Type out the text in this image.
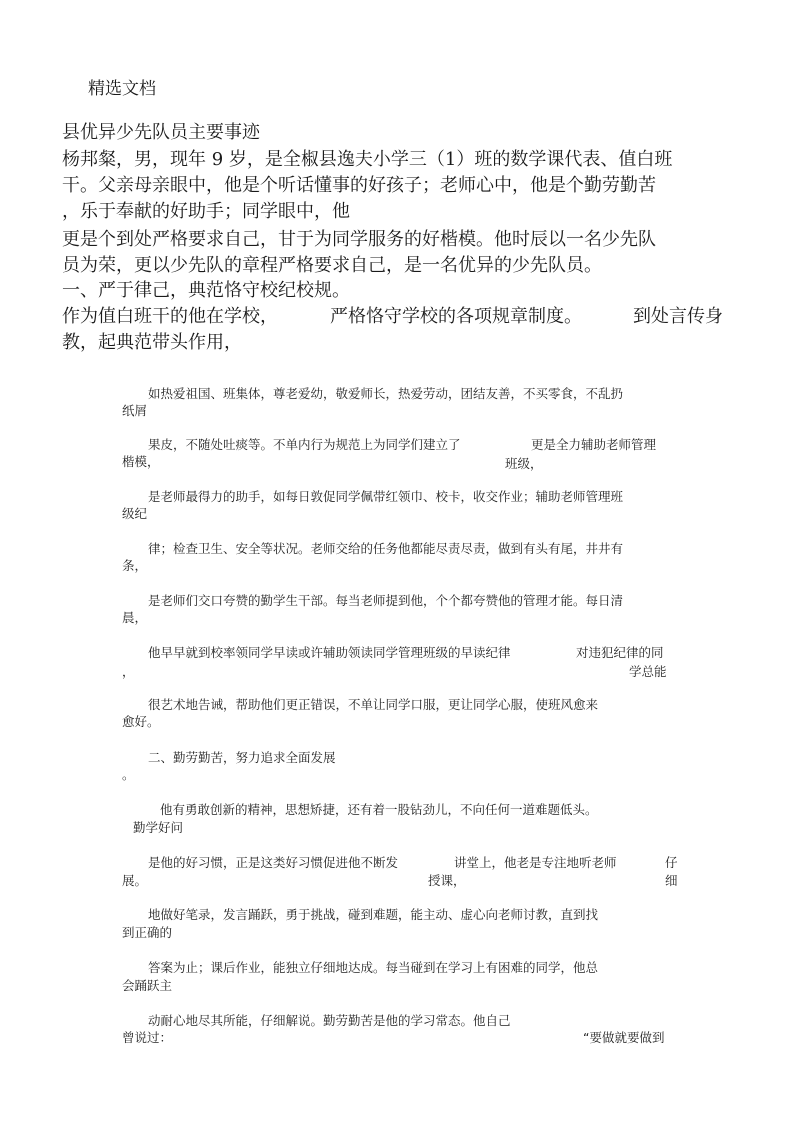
精选文档
县优异少先队员主要事迹
杨邦粲，男，现年 9 岁，是全椒县逸夫小学三（1）班的数学课代表、值白班
干。父亲母亲眼中，他是个听话懂事的好孩子；老师心中，他是个勤劳勤苦
，乐于奉献的好助手；同学眼中，他
更是个到处严格要求自己，甘于为同学服务的好楷模。他时辰以一名少先队
员为荣，更以少先队的章程严格要求自己，是一名优异的少先队员。
一、严于律己，典范恪守校纪校规。
作为值白班干的他在学校，	严格恪守学校的各项规章制度。	到处言传身
教，起典范带头作用，
如热爱祖国、班集体，尊老爱幼，敬爱师长，热爱劳动，团结友善，不买零食，不乱扔
纸屑
果皮，不随处吐痰等。不单内行为规范上为同学们建立了	更是全力辅助老师管理
楷模，	班级，
是老师最得力的助手，如每日敦促同学佩带红领巾、校卡，收交作业；辅助老师管理班
级纪
律；检查卫生、安全等状况。老师交给的任务他都能尽责尽责，做到有头有尾，井井有
条，
是老师们交口夸赞的勤学生干部。每当老师提到他，个个都夸赞他的管理才能。每日清
晨，
他早早就到校率领同学早读或许辅助领读同学管理班级的早读纪律	对违犯纪律的同
，	学总能
很艺术地告诫，帮助他们更正错误，不单让同学口服，更让同学心服，使班风愈来
愈好。
二、勤劳勤苦，努力追求全面发展
。
他有勇敢创新的精神，思想矫捷，还有着一股钻劲儿，不向任何一道难题低头。
勤学好问
是他的好习惯，正是这类好习惯促进他不断发	讲堂上，他老是专注地听老师	仔
展。	授课，	细
地做好笔录，发言踊跃，勇于挑战，碰到难题，能主动、虚心向老师讨教，直到找
到正确的
答案为止；课后作业，能独立仔细地达成。每当碰到在学习上有困难的同学，他总
会踊跃主
动耐心地尽其所能，仔细解说。勤劳勤苦是他的学习常态。他自己
曾说过：	“要做就要做到
